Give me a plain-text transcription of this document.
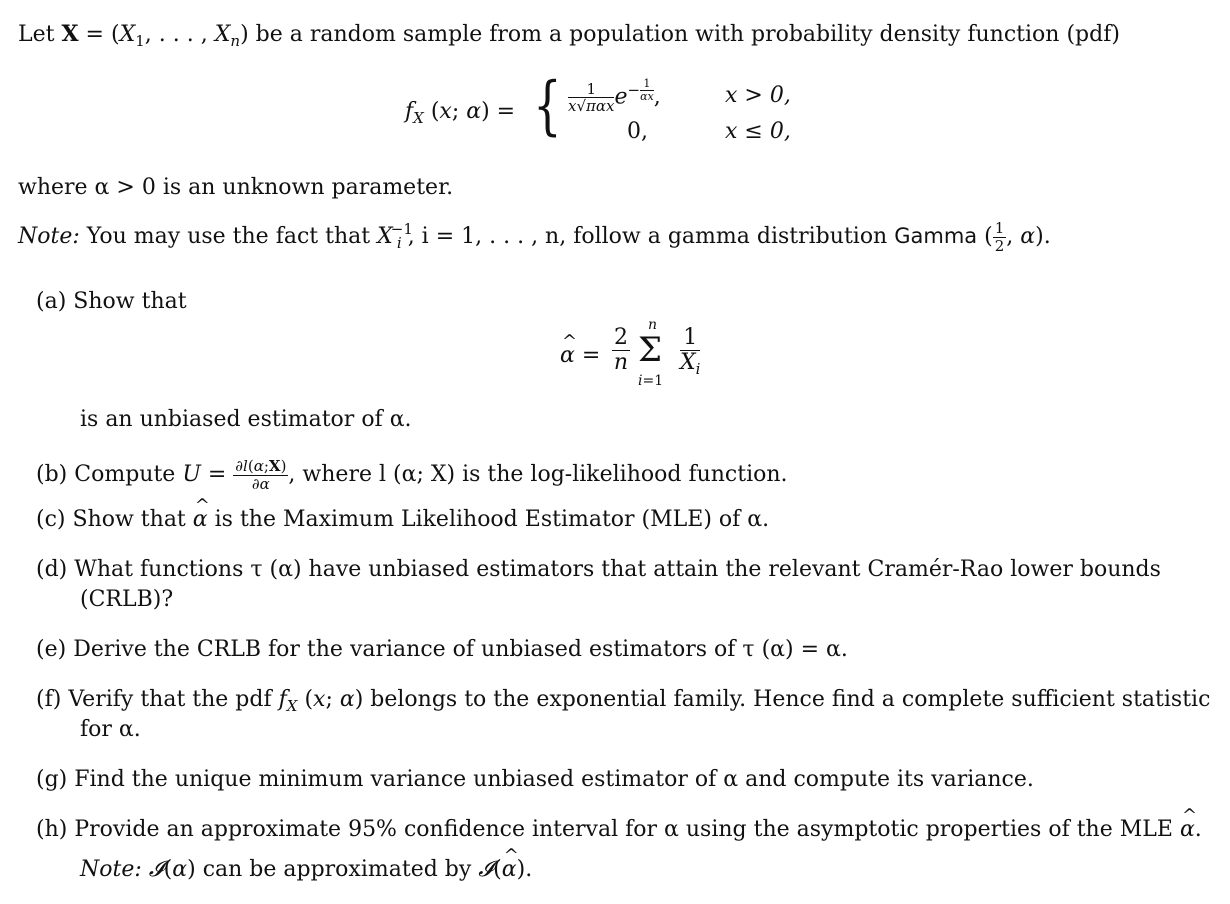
Let $X = (X_1$, . . . , $X_n$) be a random sample from a population with probability density function (pdf)
$f_X$ (x; α) = { $\frac{1}{\text{x√παx}} e^{- \frac{1}{\alpha x}}$ ,	x > 0,
0,	x ≤ 0,
where α > 0 is an unknown parameter.
Note: You may use the fact that $X^{-1}_i$ , i = 1, . . . , n, follow a gamma distribution Gamma ( $\frac{1}{2}$ , α).
(a) Show that
^ $\alpha = \frac{2}{n}$
n
Σ
i=1
$\frac{1}{X_i}$
is an unbiased estimator of α.
(b) Compute $U = \frac{\partial l(\alpha;X)}{\partial\alpha}$ , where l (α; X) is the log-likelihood function.
(c) Show that ^ α is the Maximum Likelihood Estimator (MLE) of α.
(d) What functions τ (α) have unbiased estimators that attain the relevant Cramér-Rao lower bounds
(CRLB)?
(e) Derive the CRLB for the variance of unbiased estimators of τ (α) = α.
(f) Verify that the pdf $f_X$ (x; α) belongs to the exponential family. Hence find a complete sufficient statistic
for α.
(g) Find the unique minimum variance unbiased estimator of α and compute its variance.
(h) Provide an approximate 95% confidence interval for α using the asymptotic properties of the MLE ^ α.
Note: 𝓘(α) can be approximated by 𝓘(^ α).
